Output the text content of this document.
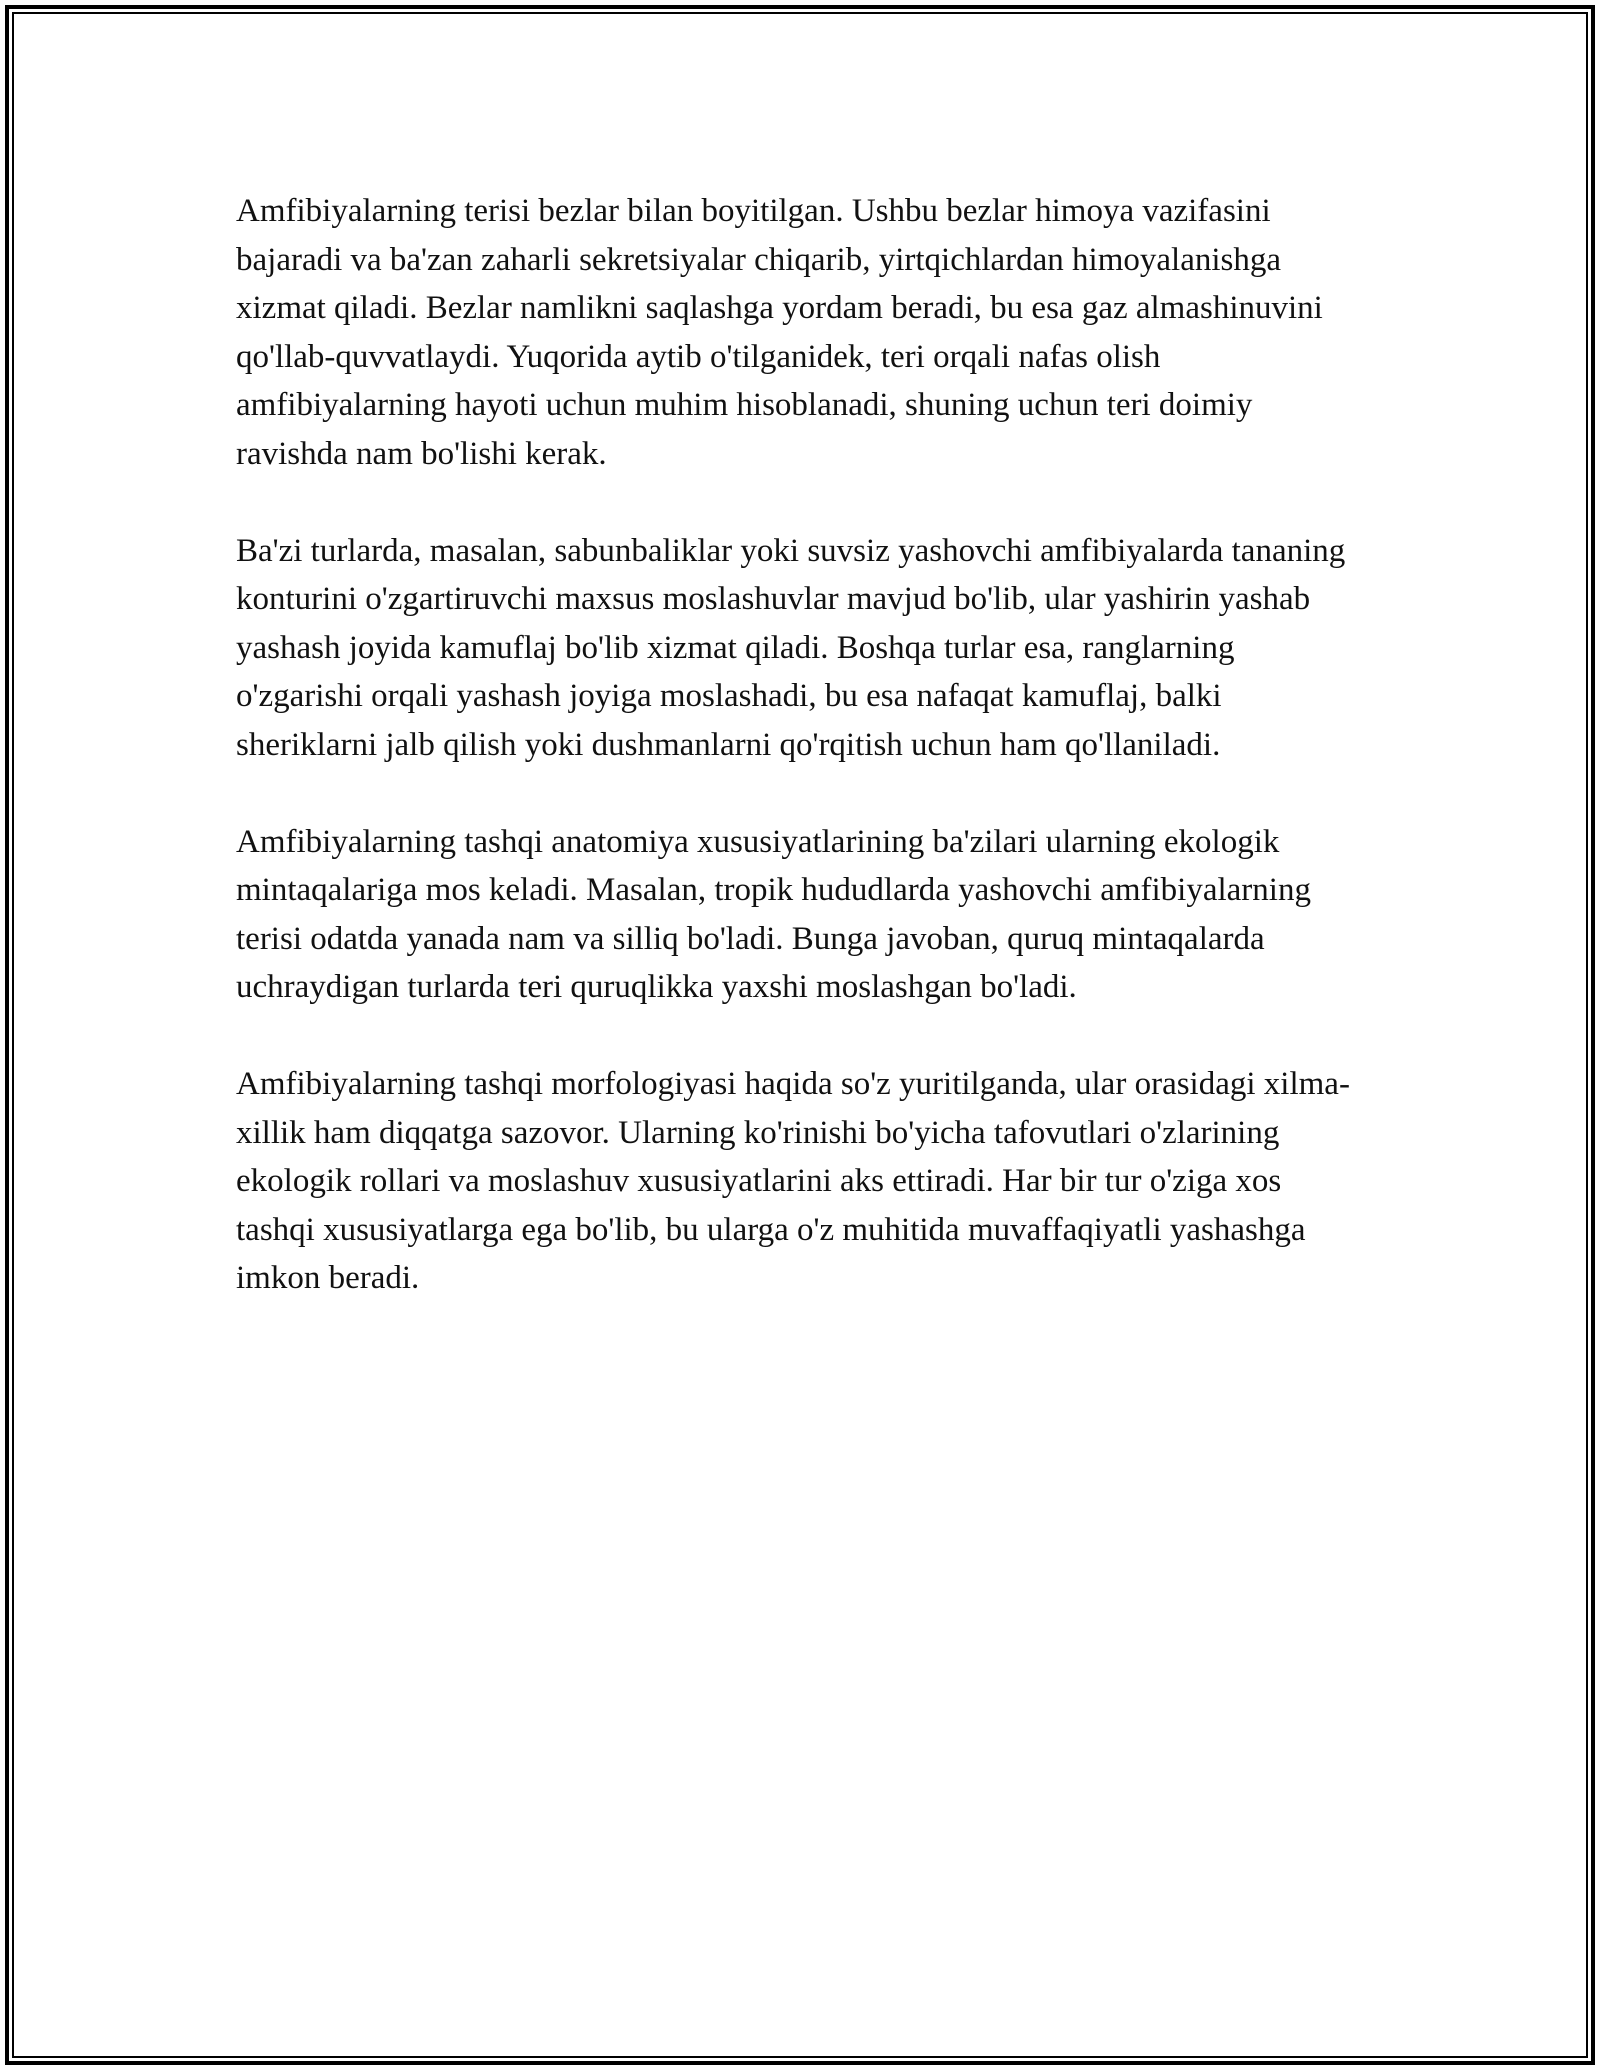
Amfibiyalarning terisi bezlar bilan boyitilgan. Ushbu bezlar himoya vazifasini bajaradi va ba'zan zaharli sekretsiyalar chiqarib, yirtqichlardan himoyalanishga xizmat qiladi. Bezlar namlikni saqlashga yordam beradi, bu esa gaz almashinuvini qo'llab-quvvatlaydi. Yuqorida aytib o'tilganidek, teri orqali nafas olish amfibiyalarning hayoti uchun muhim hisoblanadi, shuning uchun teri doimiy ravishda nam bo'lishi kerak.

Ba'zi turlarda, masalan, sabunbaliklar yoki suvsiz yashovchi amfibiyalarda tananing konturini o'zgartiruvchi maxsus moslashuvlar mavjud bo'lib, ular yashirin yashab yashash joyida kamuflaj bo'lib xizmat qiladi. Boshqa turlar esa, ranglarning o'zgarishi orqali yashash joyiga moslashadi, bu esa nafaqat kamuflaj, balki sheriklarni jalb qilish yoki dushmanlarni qo'rqitish uchun ham qo'llaniladi.

Amfibiyalarning tashqi anatomiya xususiyatlarining ba'zilari ularning ekologik mintaqalariga mos keladi. Masalan, tropik hududlarda yashovchi amfibiyalarning terisi odatda yanada nam va silliq bo'ladi. Bunga javoban, quruq mintaqalarda uchraydigan turlarda teri quruqlikka yaxshi moslashgan bo'ladi.

Amfibiyalarning tashqi morfologiyasi haqida so'z yuritilganda, ular orasidagi xilma-xillik ham diqqatga sazovor. Ularning ko'rinishi bo'yicha tafovutlari o'zlarining ekologik rollari va moslashuv xususiyatlarini aks ettiradi. Har bir tur o'ziga xos tashqi xususiyatlarga ega bo'lib, bu ularga o'z muhitida muvaffaqiyatli yashashga imkon beradi.
